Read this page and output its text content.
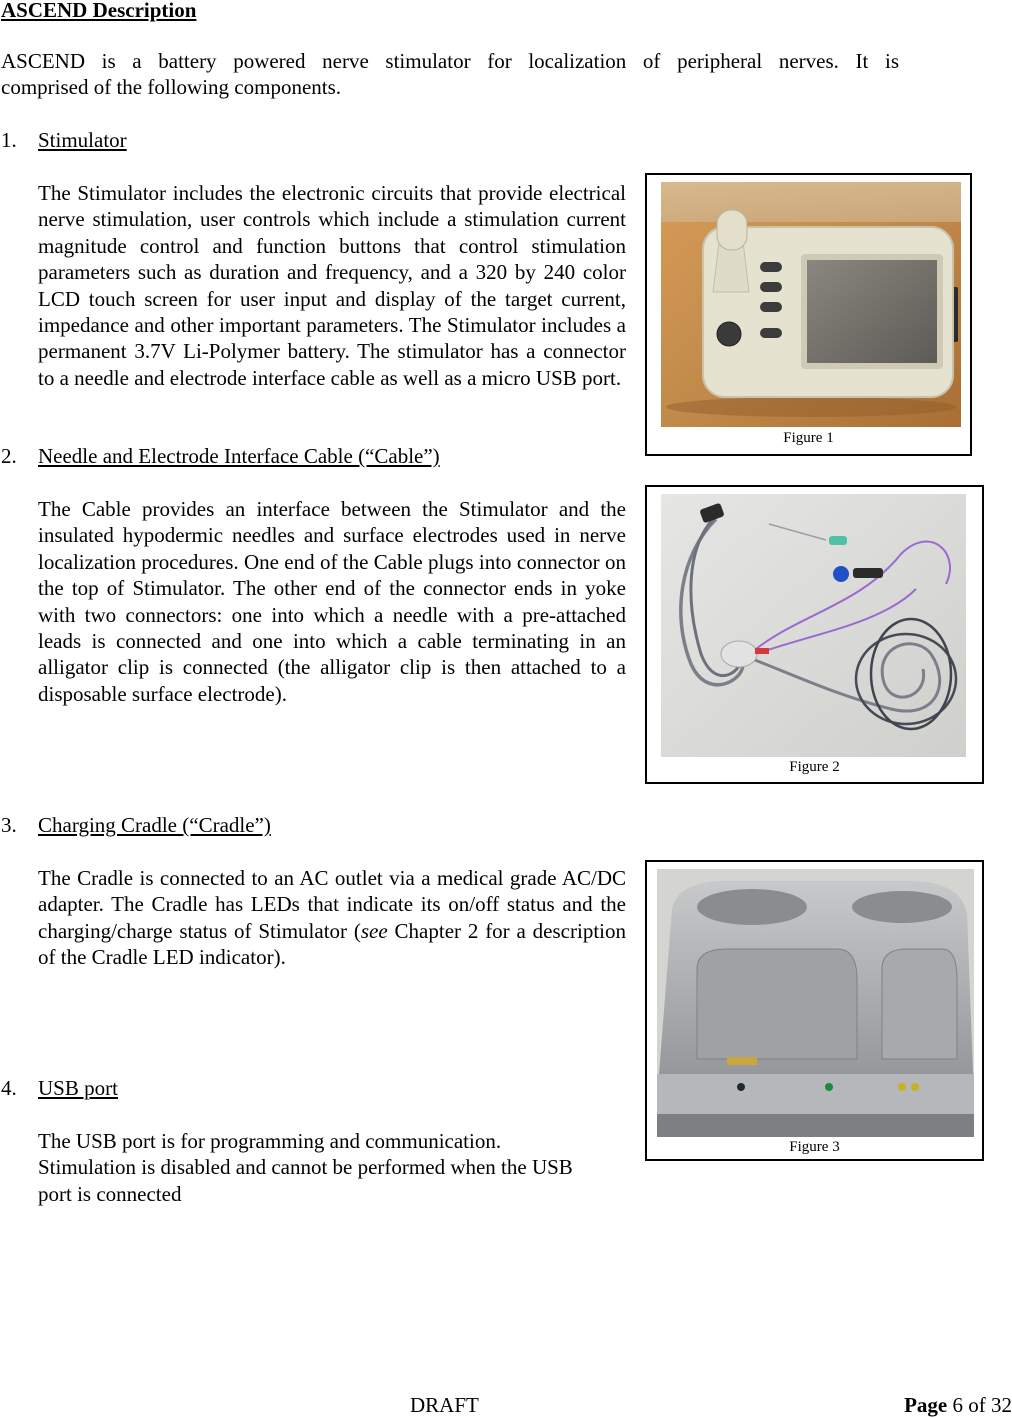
ASCEND Description
ASCEND is a battery powered nerve stimulator for localization of peripheral nerves. It is
comprised of the following components.
1. Stimulator
The Stimulator includes the electronic circuits that provide electrical nerve stimulation, user controls which include a stimulation current magnitude control and function buttons that control stimulation parameters such as duration and frequency, and a 320 by 240 color LCD touch screen for user input and display of the target current, impedance and other important parameters. The Stimulator includes a permanent 3.7V Li-Polymer battery. The stimulator has a connector to a needle and electrode interface cable as well as a micro USB port.
2. Needle and Electrode Interface Cable (“Cable”)
The Cable provides an interface between the Stimulator and the insulated hypodermic needles and surface electrodes used in nerve localization procedures. One end of the Cable plugs into connector on the top of Stimulator. The other end of the connector ends in yoke with two connectors: one into which a needle with a pre-attached leads is connected and one into which a cable terminating in an alligator clip is connected (the alligator clip is then attached to a disposable surface electrode).
3. Charging Cradle (“Cradle”)
The Cradle is connected to an AC outlet via a medical grade AC/DC adapter. The Cradle has LEDs that indicate its on/off status and the charging/charge status of Stimulator (see Chapter 2 for a description of the Cradle LED indicator).
4. USB port
The USB port is for programming and communication.
Stimulation is disabled and cannot be performed when the USB
port is connected
Figure 1
Figure 2
Figure 3
DRAFT	Page 6 of 32
